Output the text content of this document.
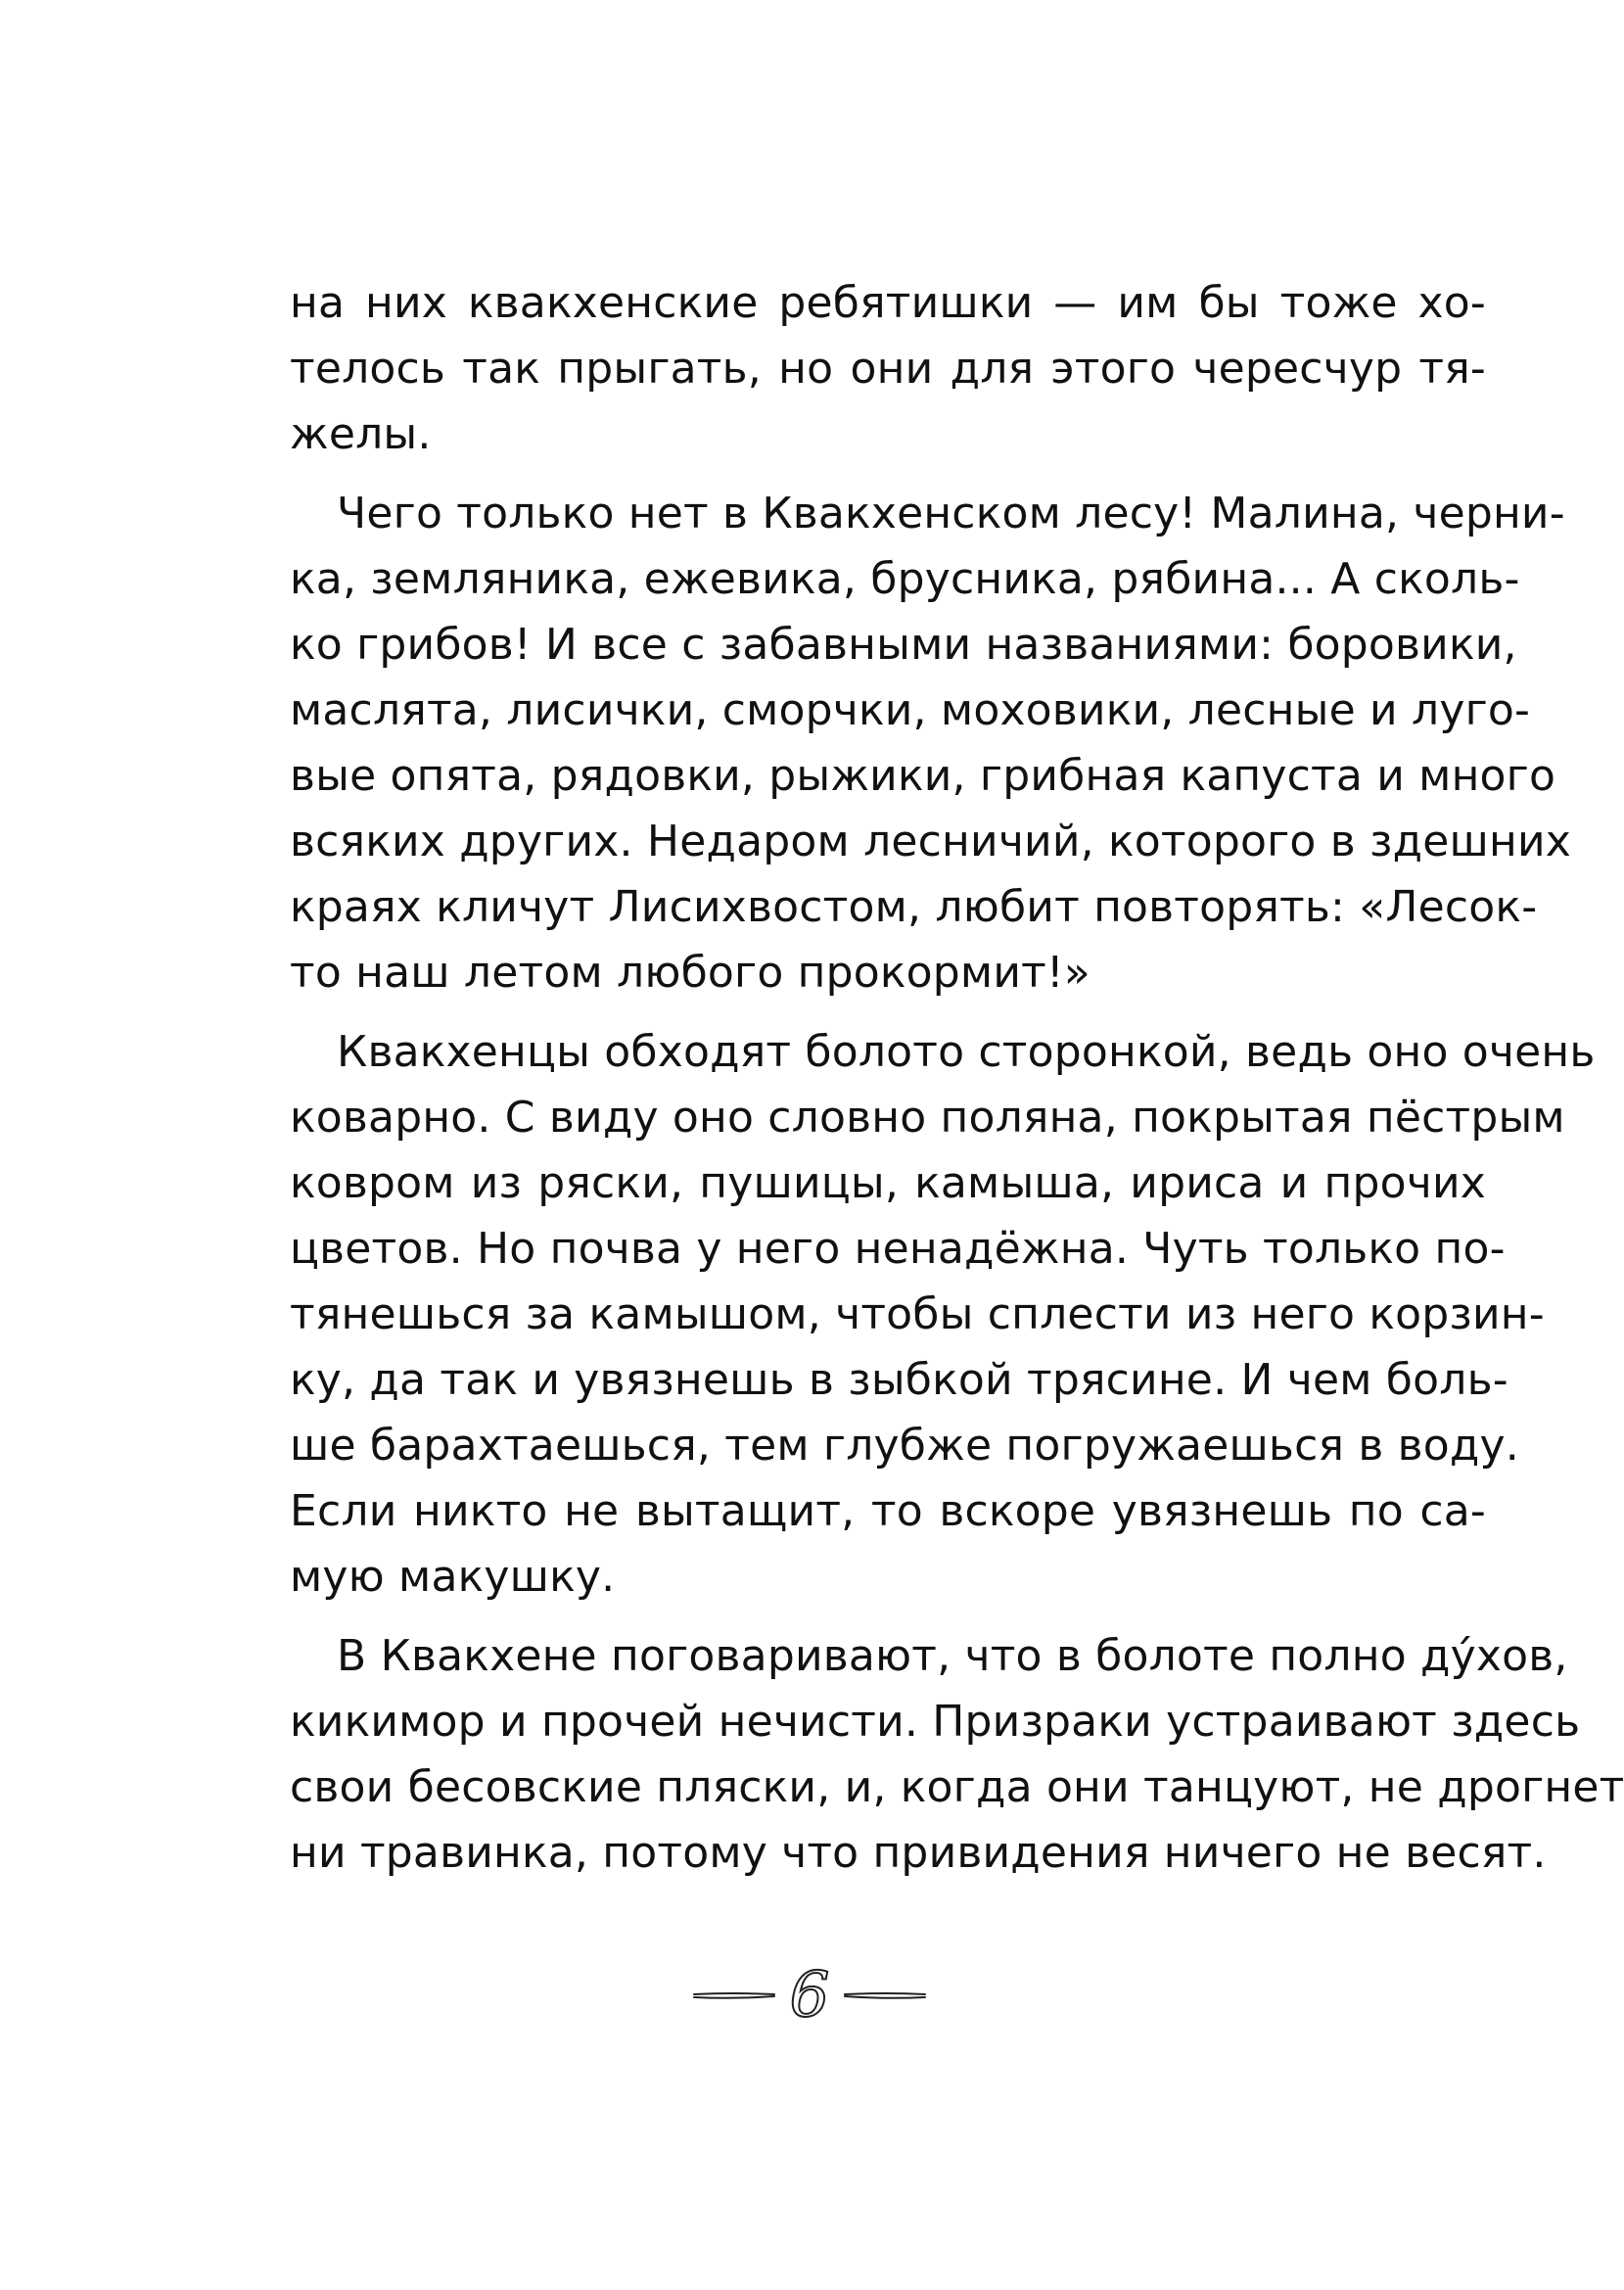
на них квакхенские ребятишки — им бы тоже хо-
телось так прыгать, но они для этого чересчур тя-
желы.

Чего только нет в Квакхенском лесу! Малина, черни-
ка, земляника, ежевика, брусника, рябина... А сколь-
ко грибов! И все с забавными названиями: боровики,
маслята, лисички, сморчки, моховики, лесные и луго-
вые опята, рядовки, рыжики, грибная капуста и много
всяких других. Недаром лесничий, которого в здешних
краях кличут Лисихвостом, любит повторять: «Лесок-
то наш летом любого прокормит!»

Квакхенцы обходят болото сторонкой, ведь оно очень
коварно. С виду оно словно поляна, покрытая пёстрым
ковром из ряски, пушицы, камыша, ириса и прочих
цветов. Но почва у него ненадёжна. Чуть только по-
тянешься за камышом, чтобы сплести из него корзин-
ку, да так и увязнешь в зыбкой трясине. И чем боль-
ше барахтаешься, тем глубже погружаешься в воду.
Если никто не вытащит, то вскоре увязнешь по са-
мую макушку.

В Квакхене поговаривают, что в болоте полно ду́хов,
кикимор и прочей нечисти. Призраки устраивают здесь
свои бесовские пляски, и, когда они танцуют, не дрогнет
ни травинка, потому что привидения ничего не весят.

6
